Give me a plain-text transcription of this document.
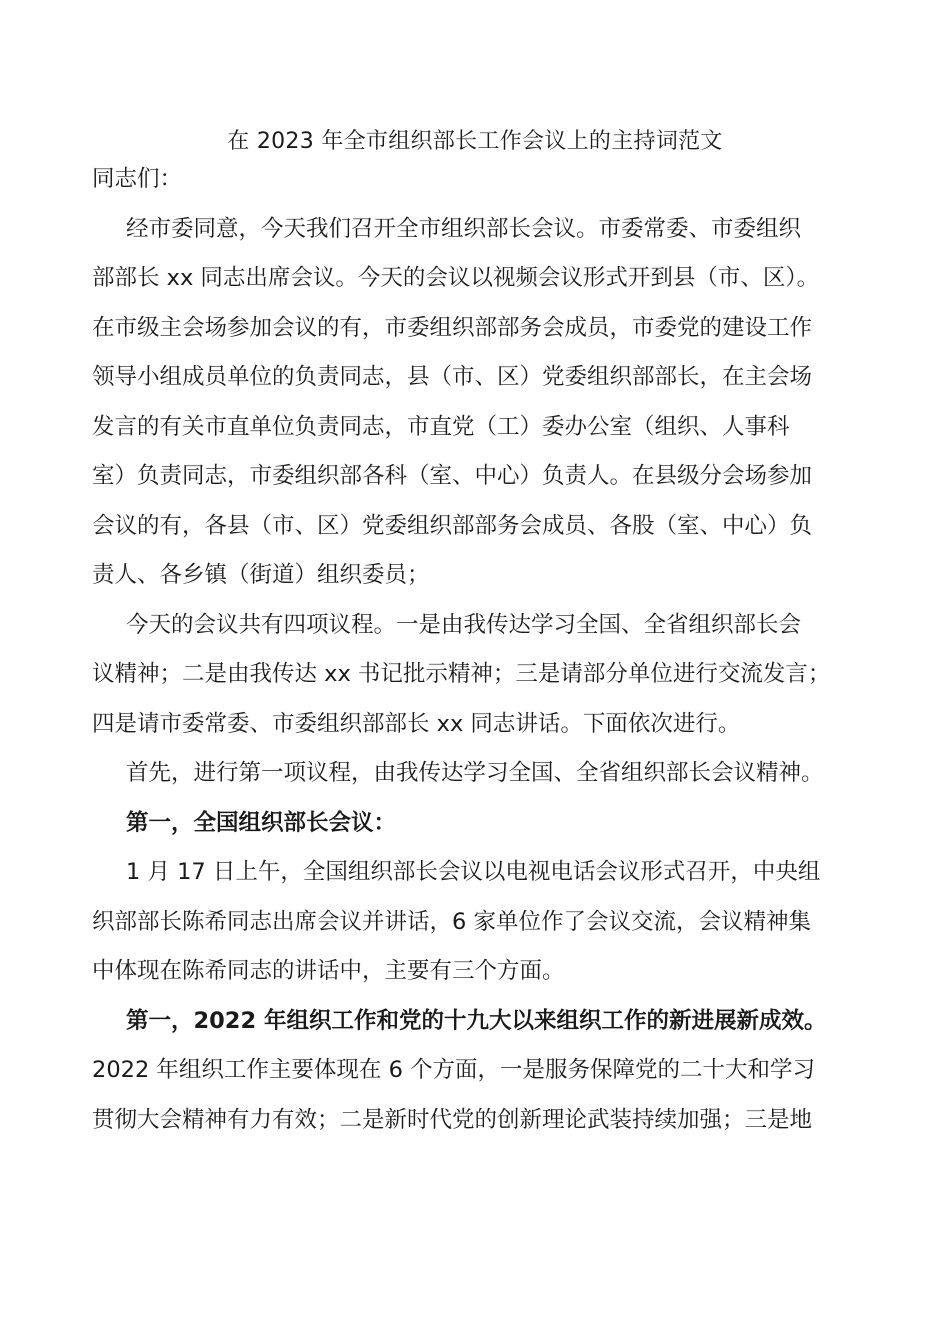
在 2023 年全市组织部长工作会议上的主持词范文
同志们：
经市委同意，今天我们召开全市组织部长会议。市委常委、市委组织
部部长 xx 同志出席会议。今天的会议以视频会议形式开到县（市、区）。
在市级主会场参加会议的有，市委组织部部务会成员，市委党的建设工作
领导小组成员单位的负责同志，县（市、区）党委组织部部长，在主会场
发言的有关市直单位负责同志，市直党（工）委办公室（组织、人事科
室）负责同志，市委组织部各科（室、中心）负责人。在县级分会场参加
会议的有，各县（市、区）党委组织部部务会成员、各股（室、中心）负
责人、各乡镇（街道）组织委员；
今天的会议共有四项议程。一是由我传达学习全国、全省组织部长会
议精神；二是由我传达 xx 书记批示精神；三是请部分单位进行交流发言；
四是请市委常委、市委组织部部长 xx 同志讲话。下面依次进行。
首先，进行第一项议程，由我传达学习全国、全省组织部长会议精神。
第一，全国组织部长会议：
1 月 17 日上午，全国组织部长会议以电视电话会议形式召开，中央组
织部部长陈希同志出席会议并讲话，6 家单位作了会议交流，会议精神集
中体现在陈希同志的讲话中，主要有三个方面。
第一，2022 年组织工作和党的十九大以来组织工作的新进展新成效。
2022 年组织工作主要体现在 6 个方面，一是服务保障党的二十大和学习
贯彻大会精神有力有效；二是新时代党的创新理论武装持续加强；三是地
